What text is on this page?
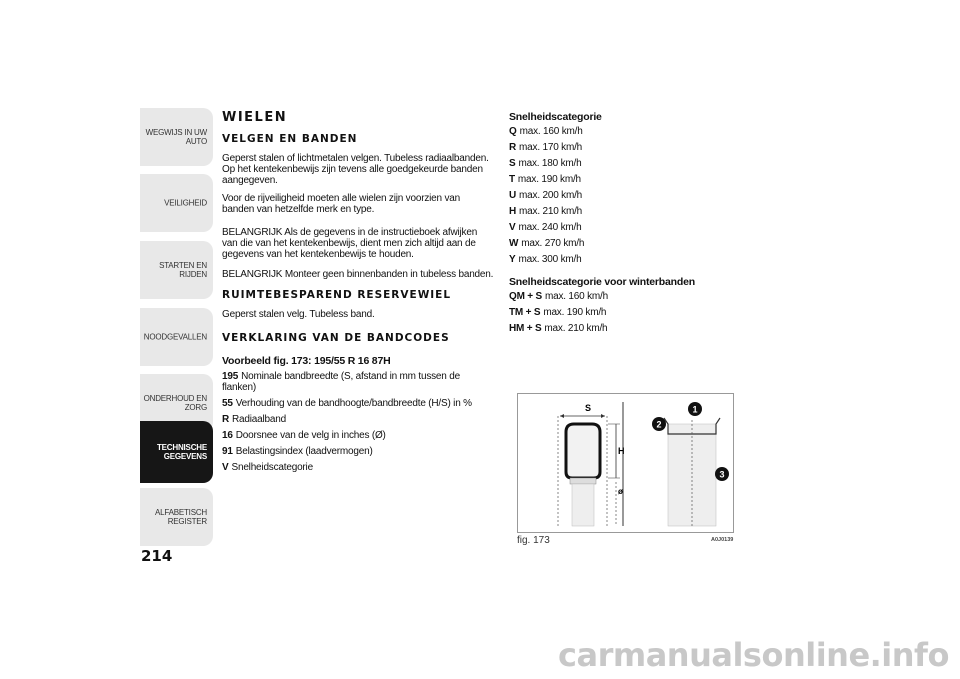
WEGWIJS IN UW AUTO
VEILIGHEID
STARTEN EN RIJDEN
NOODGEVALLEN
ONDERHOUD EN ZORG
TECHNISCHE GEGEVENS
ALFABETISCH REGISTER
214
WIELEN
VELGEN EN BANDEN
Geperst stalen of lichtmetalen velgen. Tubeless radiaalbanden. Op het kentekenbewijs zijn tevens alle goedgekeurde banden aangegeven.
Voor de rijveiligheid moeten alle wielen zijn voorzien van banden van hetzelfde merk en type.
BELANGRIJK Als de gegevens in de instructieboek afwijken van die van het kentekenbewijs, dient men zich altijd aan de gegevens van het kentekenbewijs te houden.
BELANGRIJK Monteer geen binnenbanden in tubeless banden.
RUIMTEBESPAREND RESERVEWIEL
Geperst stalen velg. Tubeless band.
VERKLARING VAN DE BANDCODES
Voorbeeld fig. 173: 195/55 R 16 87H
195 Nominale bandbreedte (S, afstand in mm tussen de flanken)
55 Verhouding van de bandhoogte/bandbreedte (H/S) in %
R Radiaalband
16 Doorsnee van de velg in inches (Ø)
91 Belastingsindex (laadvermogen)
V Snelheidscategorie
Snelheidscategorie
Q max. 160 km/h
R max. 170 km/h
S max. 180 km/h
T max. 190 km/h
U max. 200 km/h
H max. 210 km/h
V max. 240 km/h
W max. 270 km/h
Y max. 300 km/h
Snelheidscategorie voor winterbanden
QM + S max. 160 km/h
TM + S max. 190 km/h
HM + S max. 210 km/h
S
H
ø
1
2
3
fig. 173	A0J0139
carmanualsonline.info
